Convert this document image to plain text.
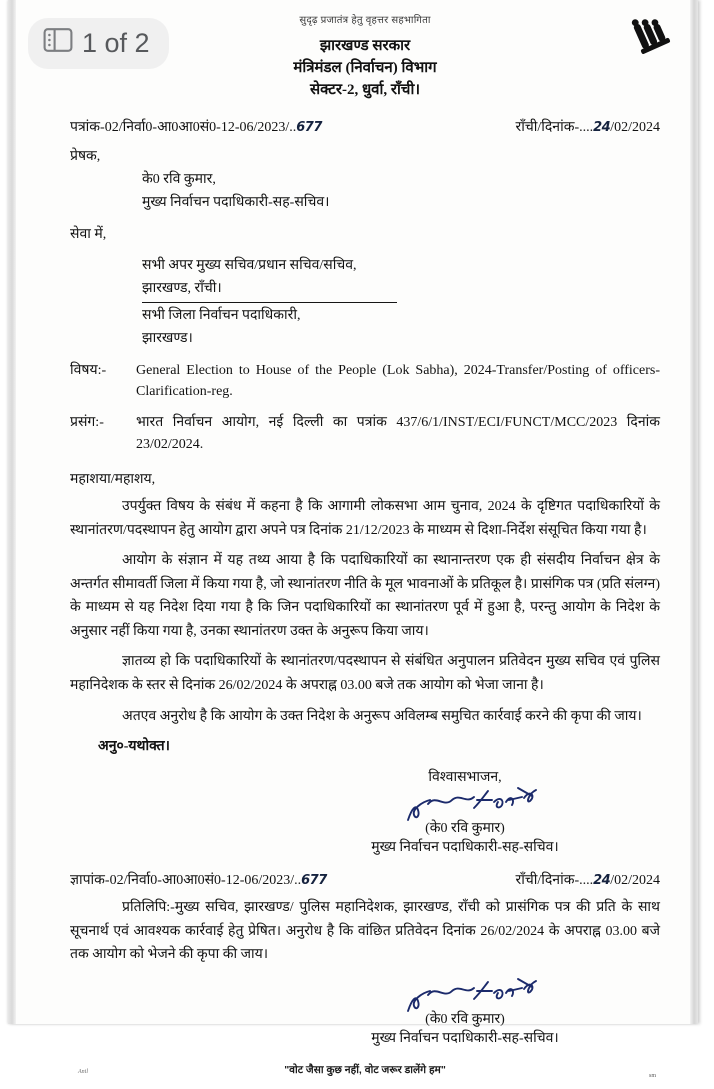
सुदृढ़ प्रजातंत्र हेतु वृहत्तर सहभागिता
झारखण्ड सरकार
मंत्रिमंडल (निर्वाचन) विभाग
सेक्टर-2, धुर्वा, राँची।
पत्रांक-02/निर्वा0-आ0आ0सं0-12-06/2023/..677	राँची/दिनांक-....24/02/2024
प्रेषक,
के0 रवि कुमार,
मुख्य निर्वाचन पदाधिकारी-सह-सचिव।
सेवा में,
सभी अपर मुख्य सचिव/प्रधान सचिव/सचिव,
झारखण्ड, राँची।
सभी जिला निर्वाचन पदाधिकारी,
झारखण्ड।
विषय:-	General Election to House of the People (Lok Sabha), 2024-Transfer/Posting of officers-Clarification-reg.
प्रसंग:-	भारत निर्वाचन आयोग, नई दिल्ली का पत्रांक 437/6/1/INST/ECI/FUNCT/MCC/2023 दिनांक 23/02/2024.
महाशया/महाशय,

उपर्युक्त विषय के संबंध में कहना है कि आगामी लोकसभा आम चुनाव, 2024 के दृष्टिगत पदाधिकारियों के स्थानांतरण/पदस्थापन हेतु आयोग द्वारा अपने पत्र दिनांक 21/12/2023 के माध्यम से दिशा-निर्देश संसूचित किया गया है।

आयोग के संज्ञान में यह तथ्य आया है कि पदाधिकारियों का स्थानान्तरण एक ही संसदीय निर्वाचन क्षेत्र के अन्तर्गत सीमावर्ती जिला में किया गया है, जो स्थानांतरण नीति के मूल भावनाओं के प्रतिकूल है। प्रासंगिक पत्र (प्रति संलग्न) के माध्यम से यह निदेश दिया गया है कि जिन पदाधिकारियों का स्थानांतरण पूर्व में हुआ है, परन्तु आयोग के निदेश के अनुसार नहीं किया गया है, उनका स्थानांतरण उक्त के अनुरूप किया जाय।

ज्ञातव्य हो कि पदाधिकारियों के स्थानांतरण/पदस्थापन से संबंधित अनुपालन प्रतिवेदन मुख्य सचिव एवं पुलिस महानिदेशक के स्तर से दिनांक 26/02/2024 के अपराह्न 03.00 बजे तक आयोग को भेजा जाना है।

अतएव अनुरोध है कि आयोग के उक्त निदेश के अनुरूप अविलम्ब समुचित कार्रवाई करने की कृपा की जाय।

अनु०-यथोक्त।
विश्वासभाजन,
(के0 रवि कुमार)
मुख्य निर्वाचन पदाधिकारी-सह-सचिव।
ज्ञापांक-02/निर्वा0-आ0आ0सं0-12-06/2023/..677	राँची/दिनांक-....24/02/2024

प्रतिलिपि:-मुख्य सचिव, झारखण्ड/ पुलिस महानिदेशक, झारखण्ड, राँची को प्रासंगिक पत्र की प्रति के साथ सूचनार्थ एवं आवश्यक कार्रवाई हेतु प्रेषित। अनुरोध है कि वांछित प्रतिवेदन दिनांक 26/02/2024 के अपराह्न 03.00 बजे तक आयोग को भेजने की कृपा की जाय।

(के0 रवि कुमार)
मुख्य निर्वाचन पदाधिकारी-सह-सचिव।
Anil	"वोट जैसा कुछ नहीं, वोट जरूर डालेंगे हम"	sm
1 of 2
